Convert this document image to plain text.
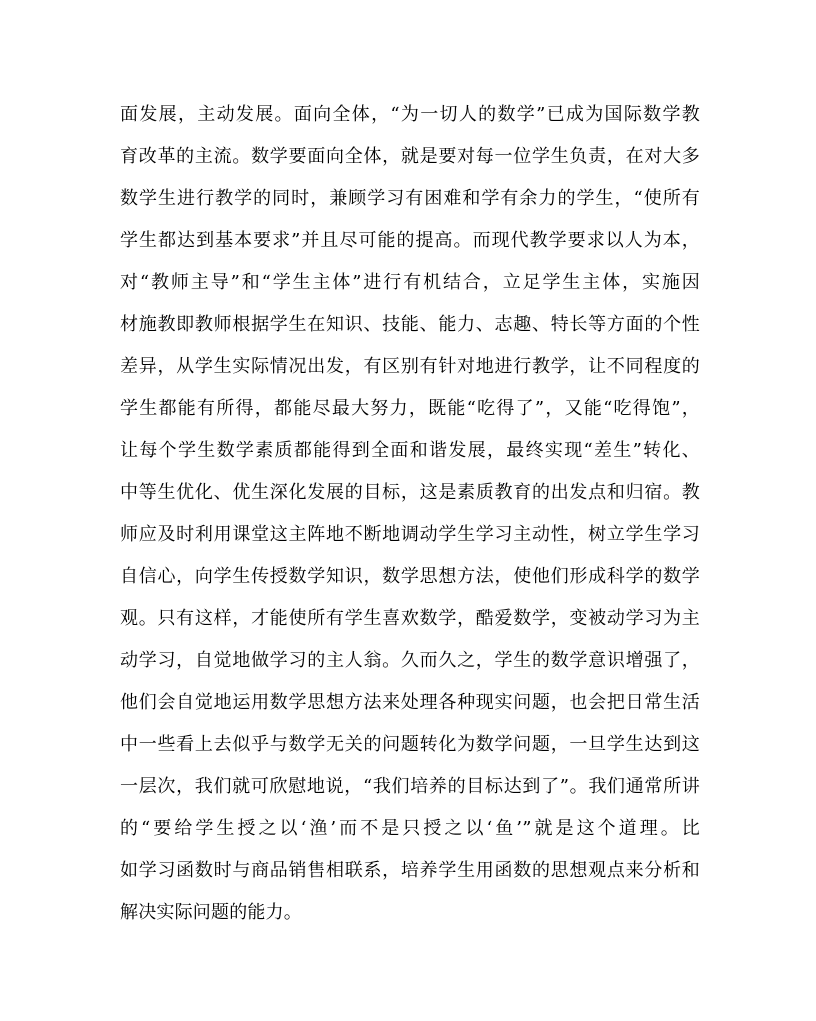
面发展，主动发展。面向全体，“为一切人的数学”已成为国际数学教
育改革的主流。数学要面向全体，就是要对每一位学生负责，在对大多
数学生进行教学的同时，兼顾学习有困难和学有余力的学生，“使所有
学生都达到基本要求”并且尽可能的提高。而现代教学要求以人为本，
对“教师主导”和“学生主体”进行有机结合，立足学生主体，实施因
材施教即教师根据学生在知识、技能、能力、志趣、特长等方面的个性
差异，从学生实际情况出发，有区别有针对地进行教学，让不同程度的
学生都能有所得，都能尽最大努力，既能“吃得了”，又能“吃得饱”，
让每个学生数学素质都能得到全面和谐发展，最终实现“差生”转化、
中等生优化、优生深化发展的目标，这是素质教育的出发点和归宿。教
师应及时利用课堂这主阵地不断地调动学生学习主动性，树立学生学习
自信心，向学生传授数学知识，数学思想方法，使他们形成科学的数学
观。只有这样，才能使所有学生喜欢数学，酷爱数学，变被动学习为主
动学习，自觉地做学习的主人翁。久而久之，学生的数学意识增强了，
他们会自觉地运用数学思想方法来处理各种现实问题，也会把日常生活
中一些看上去似乎与数学无关的问题转化为数学问题，一旦学生达到这
一层次，我们就可欣慰地说，“我们培养的目标达到了”。我们通常所讲
的“要给学生授之以‘渔’而不是只授之以‘鱼’”就是这个道理。比
如学习函数时与商品销售相联系，培养学生用函数的思想观点来分析和
解决实际问题的能力。
